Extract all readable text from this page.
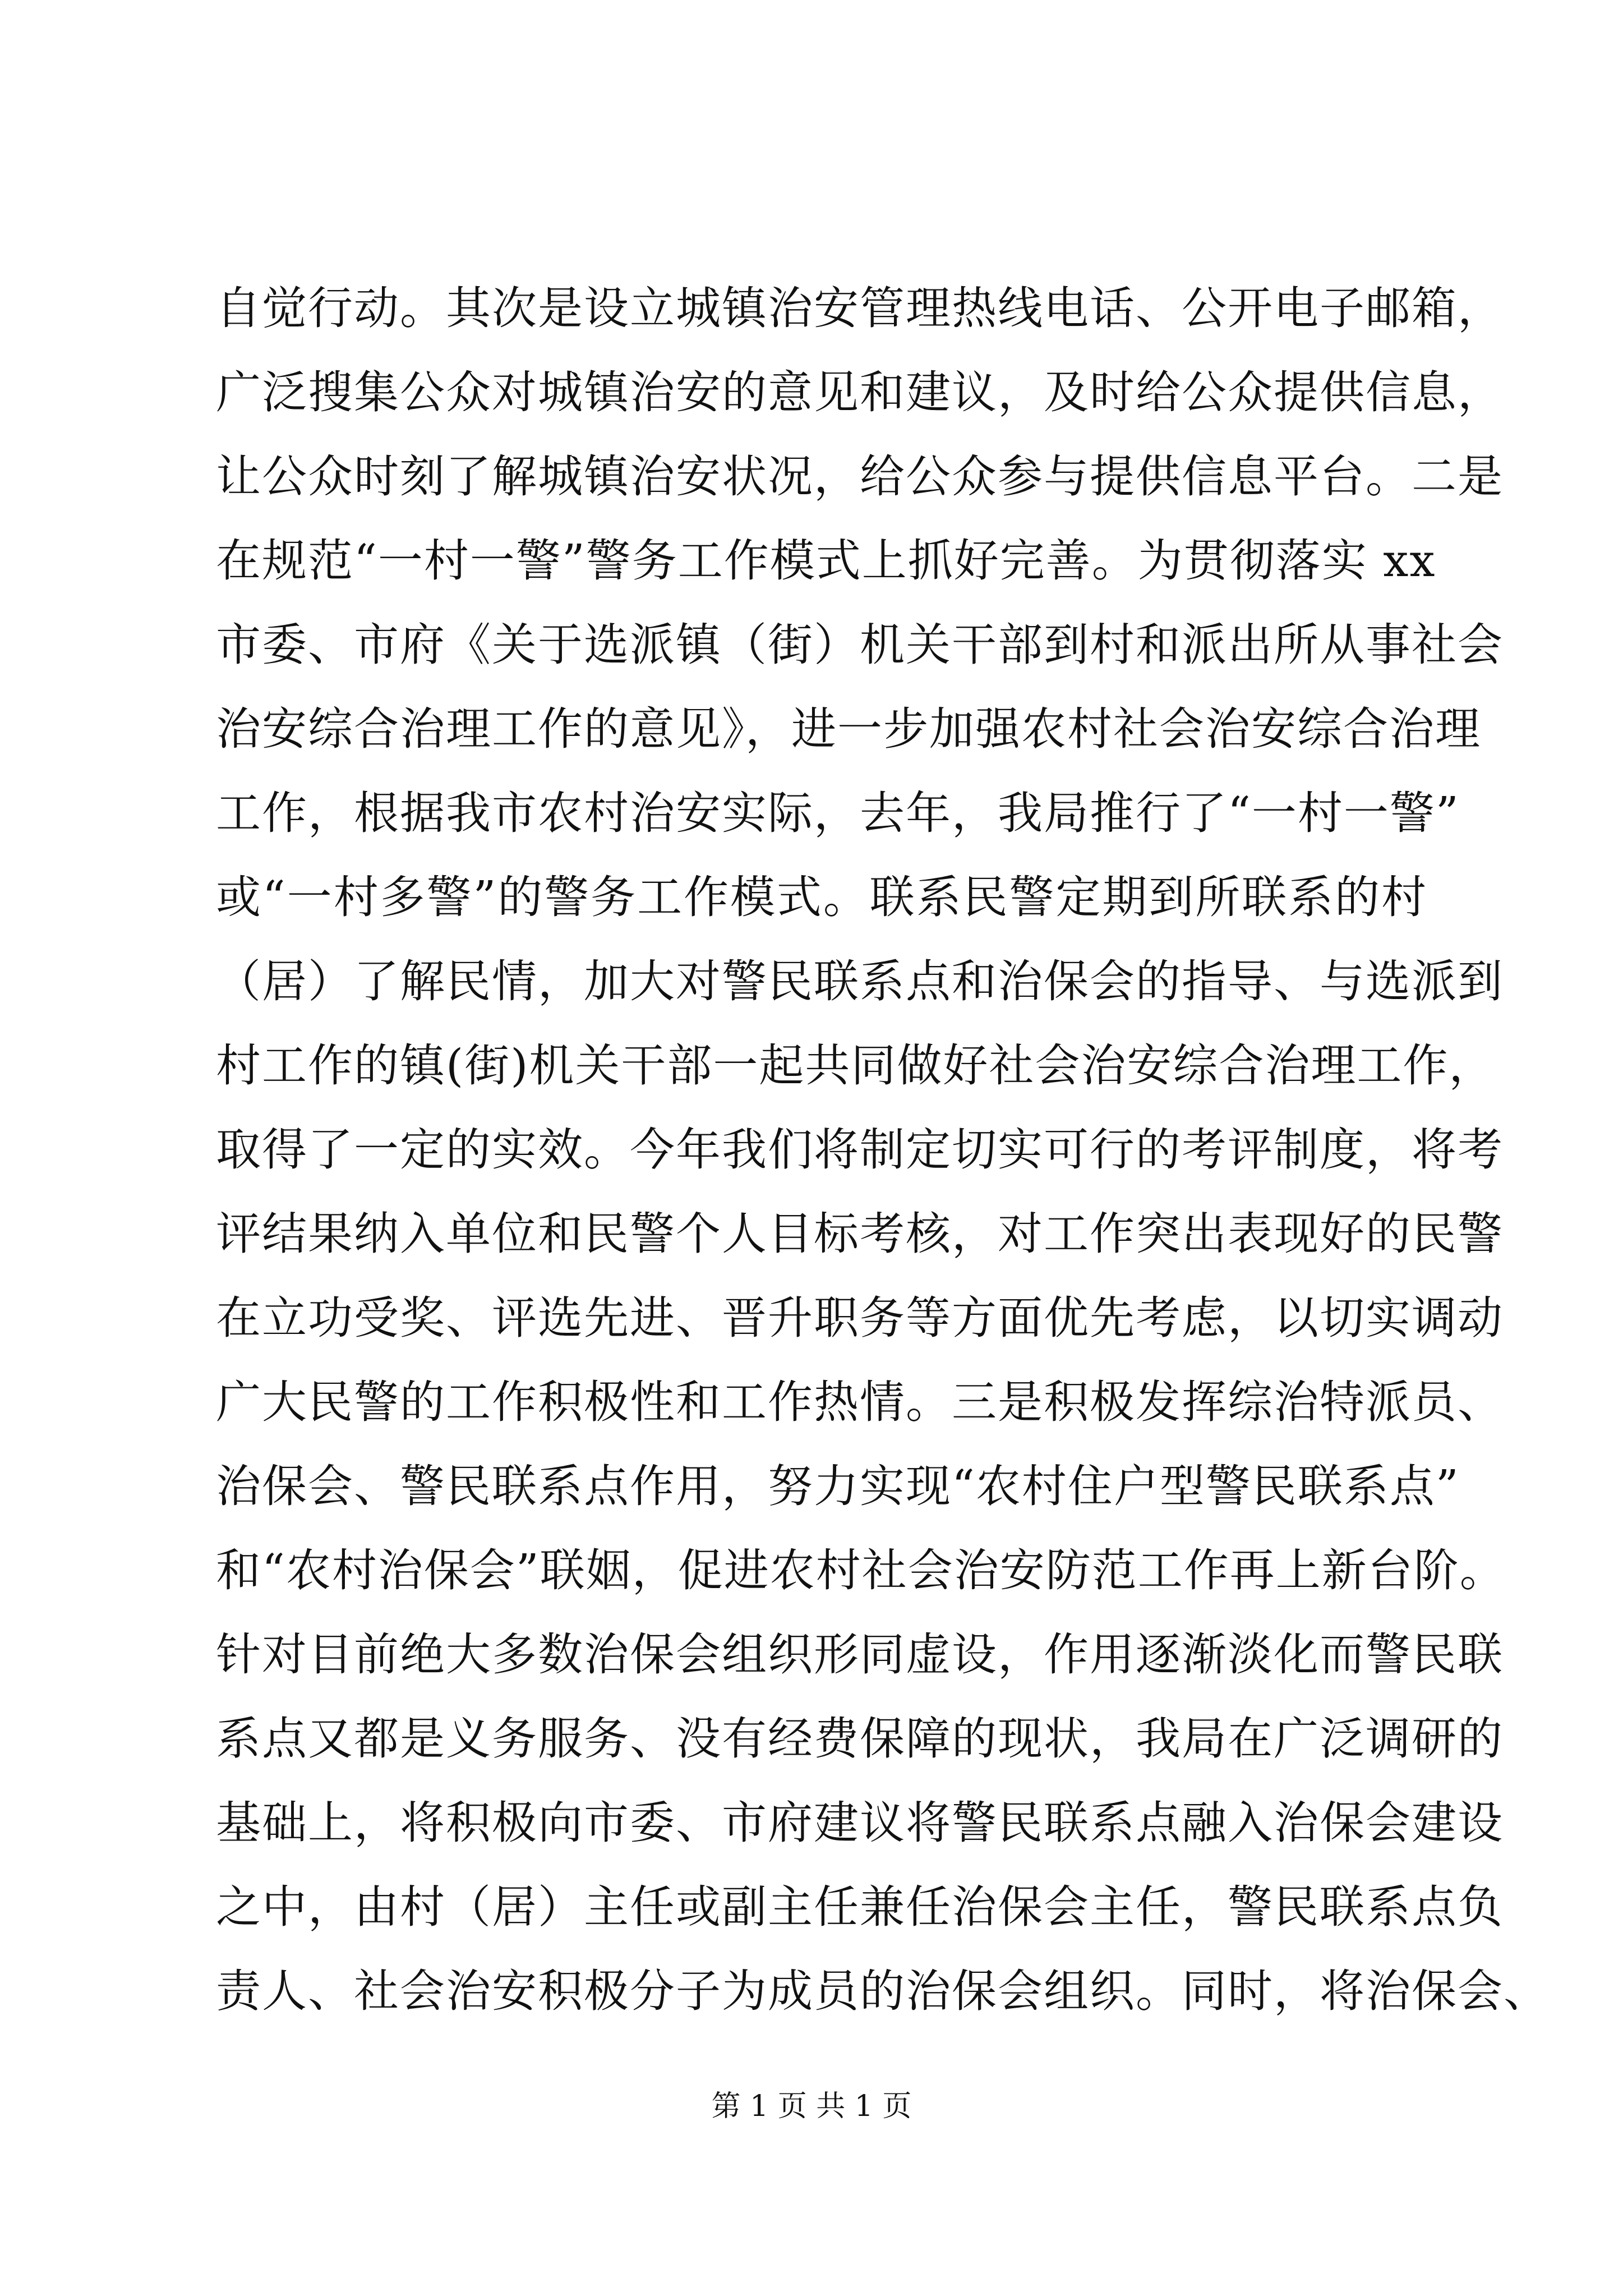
自觉行动。其次是设立城镇治安管理热线电话、公开电子邮箱，
广泛搜集公众对城镇治安的意见和建议，及时给公众提供信息，
让公众时刻了解城镇治安状况，给公众参与提供信息平台。二是
在规范“一村一警”警务工作模式上抓好完善。为贯彻落实 xx
市委、市府《关于选派镇（街）机关干部到村和派出所从事社会
治安综合治理工作的意见》，进一步加强农村社会治安综合治理
工作，根据我市农村治安实际，去年，我局推行了“一村一警”
或“一村多警”的警务工作模式。联系民警定期到所联系的村
（居）了解民情，加大对警民联系点和治保会的指导、与选派到
村工作的镇(街)机关干部一起共同做好社会治安综合治理工作，
取得了一定的实效。今年我们将制定切实可行的考评制度，将考
评结果纳入单位和民警个人目标考核，对工作突出表现好的民警
在立功受奖、评选先进、晋升职务等方面优先考虑，以切实调动
广大民警的工作积极性和工作热情。三是积极发挥综治特派员、
治保会、警民联系点作用，努力实现“农村住户型警民联系点”
和“农村治保会”联姻，促进农村社会治安防范工作再上新台阶。
针对目前绝大多数治保会组织形同虚设，作用逐渐淡化而警民联
系点又都是义务服务、没有经费保障的现状，我局在广泛调研的
基础上，将积极向市委、市府建议将警民联系点融入治保会建设
之中，由村（居）主任或副主任兼任治保会主任，警民联系点负
责人、社会治安积极分子为成员的治保会组织。同时，将治保会、
第 1 页 共 1 页
